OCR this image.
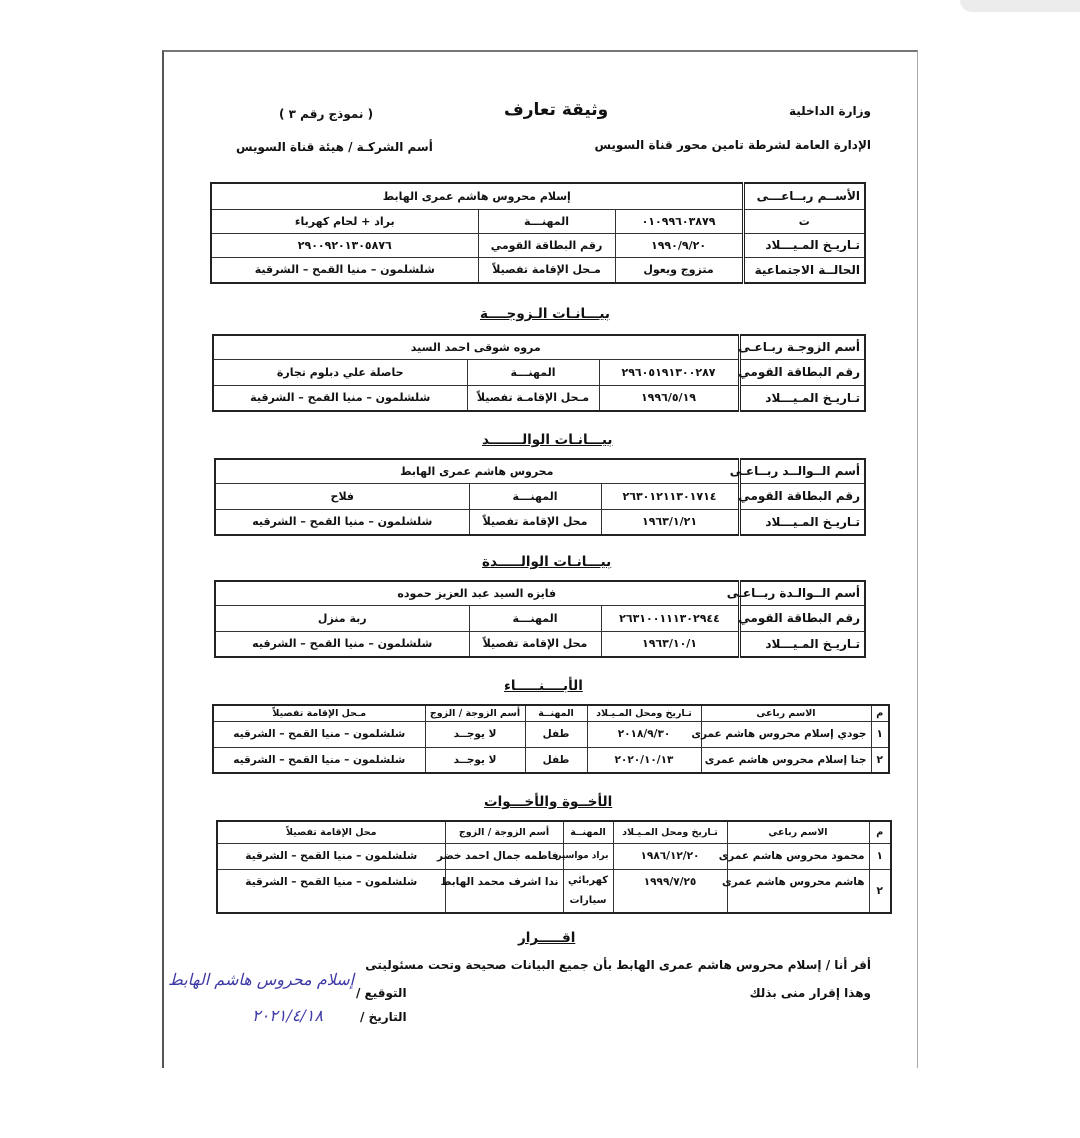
وزارة الداخلية
الإدارة العامة لشرطة تامين محور قناة السويس
وثيقة تعارف
( نموذج رقم ٣ )
أسم الشركـة / هيئة قناة السويس
الأســم ربــاعـــى	إسلام محروس هاشم عمرى الهابط		
ت	٠١٠٩٩٦٠٣٨٧٩	المهنـــة	براد + لحام كهرباء
تـاريـخ المـيـــلاد	١٩٩٠/٩/٢٠	رقم البطاقة القومي	٢٩٠٠٩٢٠١٣٠٥٨٧٦
الحالــة الاجتماعية	متزوج ويعول	مـحل الإقامة تفصيلاً	شلشلمون – منيا القمح – الشرقية
بيـــانـات الـزوجــــة
أسم الزوجـة ربـاعـى	مروه شوقى احمد السيد		
رقم البطاقة القومي	٢٩٦٠٥١٩١٣٠٠٢٨٧	المهنـــة	حاصلة علي دبلوم تجارة
تـاريـخ المـيـــلاد	١٩٩٦/٥/١٩	مـحل الإقامـة تفصيلاً	شلشلمون – منيا القمح – الشرقية
بيـــانـات الوالـــــــد
أسم الــوالــد ربــاعـى	محروس هاشم عمرى الهابط		
رقم البطاقة القومي	٢٦٣٠١٢١١٣٠١٧١٤	المهنـــة	فلاح
تـاريـخ المـيـــلاد	١٩٦٣/١/٢١	محل الإقامة تفصيلاً	شلشلمون – منيا القمح – الشرقيه
بيـــانـات الوالـــــدة
أسم الــوالـدة ربــاعـى	فايزه السيد عبد العزيز حموده		
رقم البطاقة القومي	٢٦٣١٠٠١١١٣٠٢٩٤٤	المهنـــة	ربة منزل
تـاريـخ المـيـــلاد	١٩٦٣/١٠/١	محل الإقامة تفصيلاً	شلشلمون – منيا القمح – الشرقيه
الأبــــنـــــاء
م	الاسم رباعى	تـاريخ ومحل المـيـلاد	المهنــة	أسم الزوجة / الزوج	مـحل الإقامة تفصيلاً
١	جودي إسلام محروس هاشم عمرى	٢٠١٨/٩/٣٠	طفل	لا يوجــد	شلشلمون – منيا القمح – الشرقيه
٢	جنا إسلام محروس هاشم عمرى	٢٠٢٠/١٠/١٣	طفل	لا يوجــد	شلشلمون – منيا القمح – الشرقيه
الأخــوة والأخـــوات
م	الاسم رباعي	تـاريخ ومحل المـيـلاد	المهنــة	أسم الزوجة / الزوج	محل الإقامة تفصيلاً
١	محمود محروس هاشم عمرى	١٩٨٦/١٢/٢٠	براد مواسير	فاطمه جمال احمد خضر	شلشلمون – منيا القمح – الشرقية
٢	هاشم محروس هاشم عمرى	١٩٩٩/٧/٢٥	كهربائي سيارات	ندا اشرف محمد الهابط	شلشلمون – منيا القمح – الشرقية
اقـــــرار
أقر أنا / إسلام محروس هاشم عمرى الهابط بأن جميع البيانات صحيحة وتحت مسئوليتى
وهذا إقرار منى بذلك
التوقيع /
إسلام محروس هاشم الهابط
التاريخ /
٢٠٢١/٤/١٨
